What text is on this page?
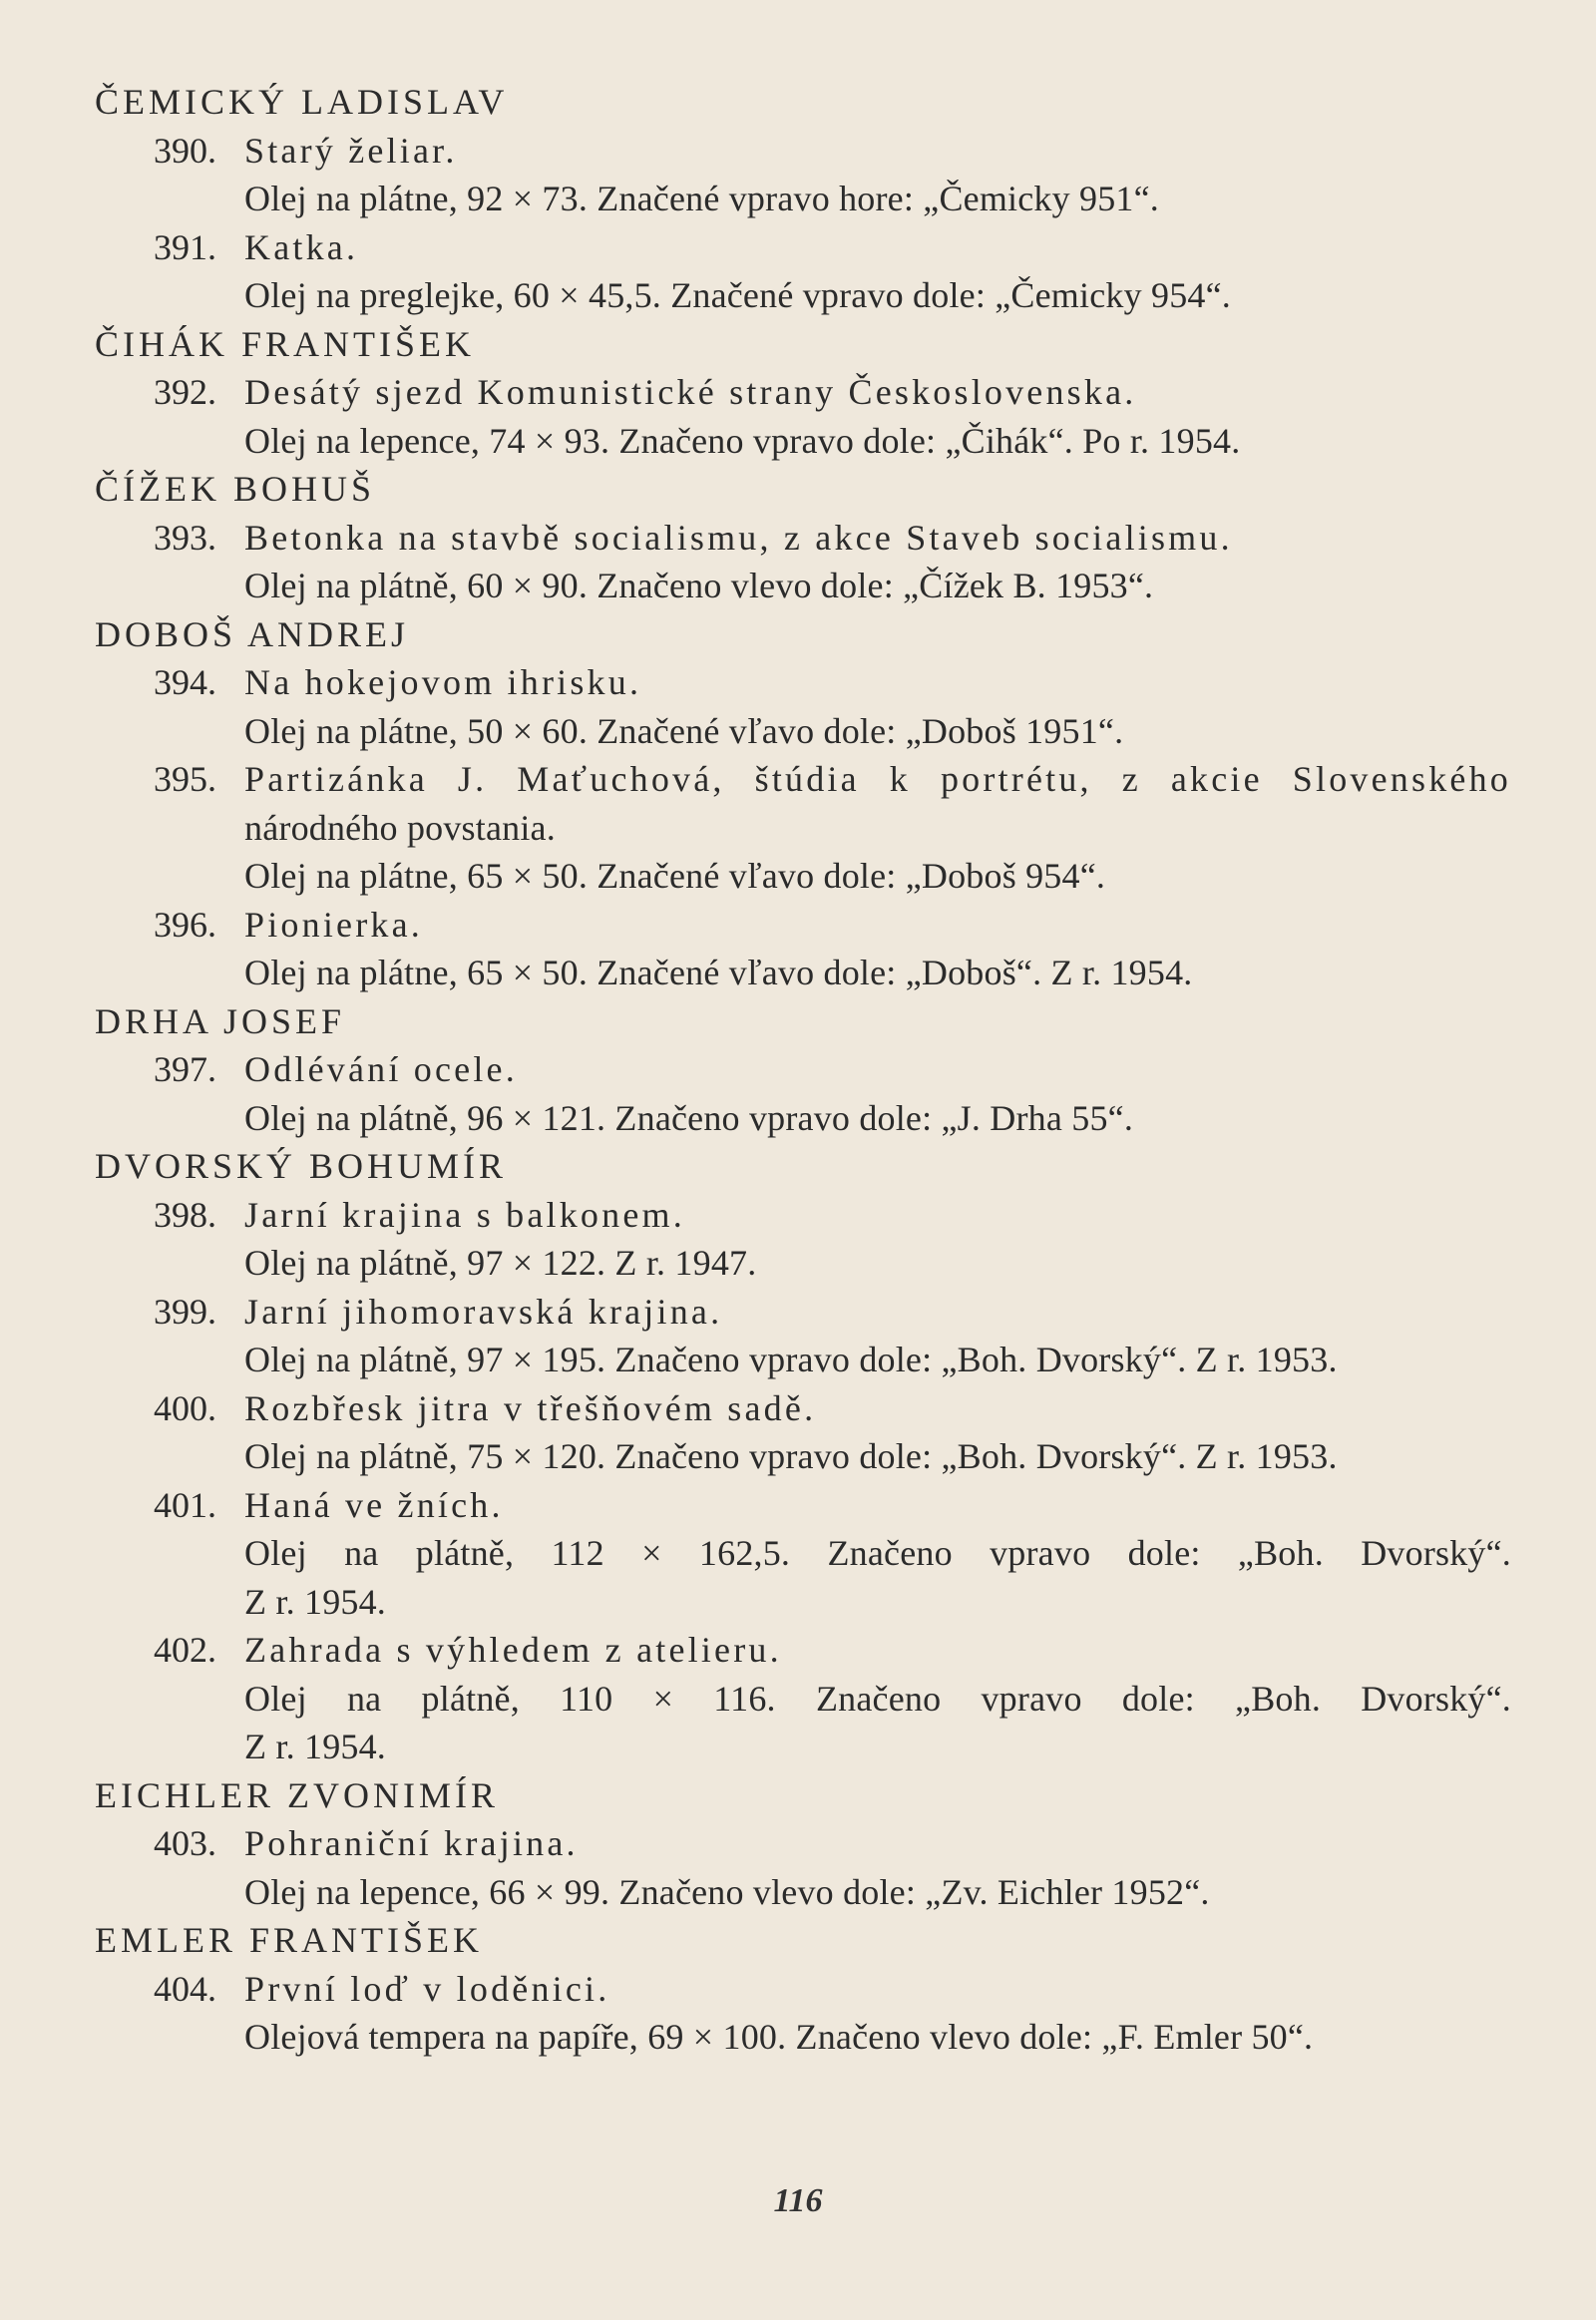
ČEMICKÝ LADISLAV
390. Starý želiar.
Olej na plátne, 92 × 73. Značené vpravo hore: „Čemicky 951“.
391. Katka.
Olej na preglejke, 60 × 45,5. Značené vpravo dole: „Čemicky 954“.
ČIHÁK FRANTIŠEK
392. Desátý sjezd Komunistické strany Československa.
Olej na lepence, 74 × 93. Značeno vpravo dole: „Čihák“. Po r. 1954.
ČÍŽEK BOHUŠ
393. Betonka na stavbě socialismu, z akce Staveb socialismu.
Olej na plátně, 60 × 90. Značeno vlevo dole: „Čížek B. 1953“.
DOBOŠ ANDREJ
394. Na hokejovom ihrisku.
Olej na plátne, 50 × 60. Značené vľavo dole: „Doboš 1951“.
395. Partizánka J. Maťuchová, štúdia k portrétu, z akcie Slovenského
národného povstania.
Olej na plátne, 65 × 50. Značené vľavo dole: „Doboš 954“.
396. Pionierka.
Olej na plátne, 65 × 50. Značené vľavo dole: „Doboš“. Z r. 1954.
DRHA JOSEF
397. Odlévání ocele.
Olej na plátně, 96 × 121. Značeno vpravo dole: „J. Drha 55“.
DVORSKÝ BOHUMÍR
398. Jarní krajina s balkonem.
Olej na plátně, 97 × 122. Z r. 1947.
399. Jarní jihomoravská krajina.
Olej na plátně, 97 × 195. Značeno vpravo dole: „Boh. Dvorský“. Z r. 1953.
400. Rozbřesk jitra v třešňovém sadě.
Olej na plátně, 75 × 120. Značeno vpravo dole: „Boh. Dvorský“. Z r. 1953.
401. Haná ve žních.
Olej na plátně, 112 × 162,5. Značeno vpravo dole: „Boh. Dvorský“.
Z r. 1954.
402. Zahrada s výhledem z atelieru.
Olej na plátně, 110 × 116. Značeno vpravo dole: „Boh. Dvorský“.
Z r. 1954.
EICHLER ZVONIMÍR
403. Pohraniční krajina.
Olej na lepence, 66 × 99. Značeno vlevo dole: „Zv. Eichler 1952“.
EMLER FRANTIŠEK
404. První loď v loděnici.
Olejová tempera na papíře, 69 × 100. Značeno vlevo dole: „F. Emler 50“.
116
